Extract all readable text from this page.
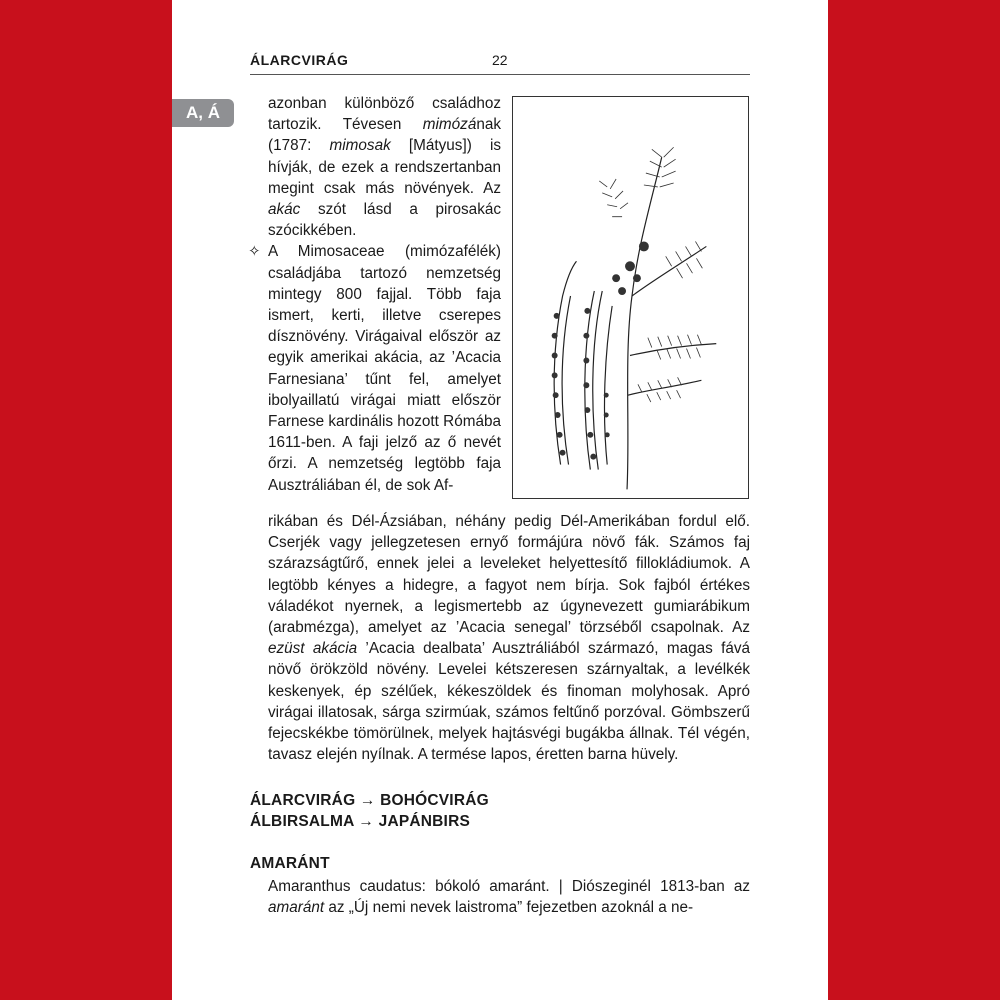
ÁLARCVIRÁG	22
A, Á	azonban különböző családhoz tartozik. Tévesen mimózának (1787: mimosak [Mátyus]) is hívják, de ezek a rendszertanban megint csak más növények. Az akác szót lásd a pirosakác szócikkében.

✧ A Mimosaceae (mimózafélék) családjába tartozó nemzetség mintegy 800 fajjal. Több faja ismert, kerti, illetve cserepes dísznövény. Virágaival először az egyik amerikai akácia, az ’Acacia Farnesiana’ tűnt fel, amelyet ibolyaillatú virágai miatt először Farnese kardinális hozott Rómába 1611-ben. A faji jelző az ő nevét őrzi. A nemzetség legtöbb faja Ausztráliában él, de sok Af-

rikában és Dél-Ázsiában, néhány pedig Dél-Amerikában fordul elő. Cserjék vagy jellegzetesen ernyő formájúra növő fák. Számos faj szárazságtűrő, ennek jelei a leveleket helyettesítő fillokládiumok. A legtöbb kényes a hidegre, a fagyot nem bírja. Sok fajból értékes váladékot nyernek, a legismertebb az úgynevezett gumiarábikum (arabmézga), amelyet az ’Acacia senegal’ törzséből csapolnak. Az ezüst akácia ’Acacia dealbata’ Ausztráliából származó, magas fává növő örökzöld növény. Levelei kétszeresen szárnyaltak, a levélkék keskenyek, ép szélűek, kékeszöldek és finoman molyhosak. Apró virágai illatosak, sárga szirmúak, számos feltűnő porzóval. Gömbszerű fejecskékbe tömörülnek, melyek hajtásvégi bugákba állnak. Tél végén, tavasz elején nyílnak. A termése lapos, éretten barna hüvely.

ÁLARCVIRÁG → BOHÓCVIRÁG
ÁLBIRSALMA → JAPÁNBIRS
AMARÁNT

Amaranthus caudatus: bókoló amaránt. | Diószeginél 1813-ban az amaránt az „Új nemi nevek laistroma” fejezetben azoknál a ne-
